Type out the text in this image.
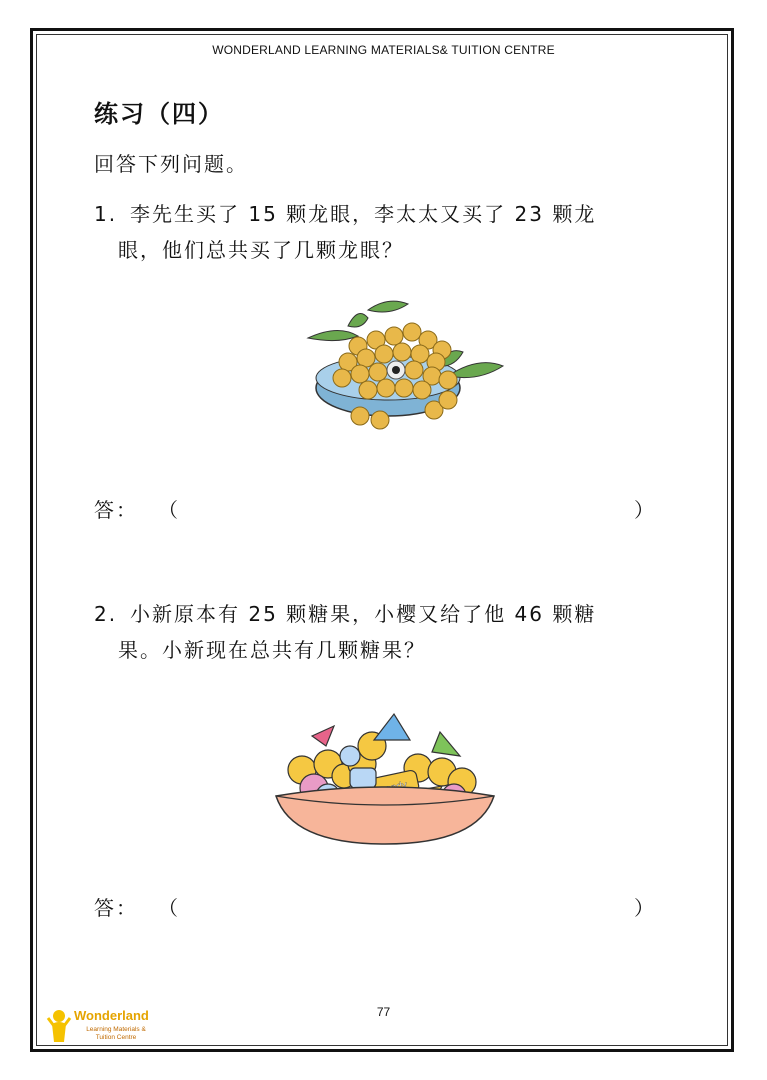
WONDERLAND LEARNING MATERIALS& TUITION CENTRE
练习（四）
回答下列问题。
1. 李先生买了 15 颗龙眼，李太太又买了 23 颗龙
眼，他们总共买了几颗龙眼？
答： （	）
2. 小新原本有 25 颗糖果，小樱又给了他 46 颗糖
果。小新现在总共有几颗糖果？
答： （	）
77
Wonderland
Learning Materials &
Tuition Centre
